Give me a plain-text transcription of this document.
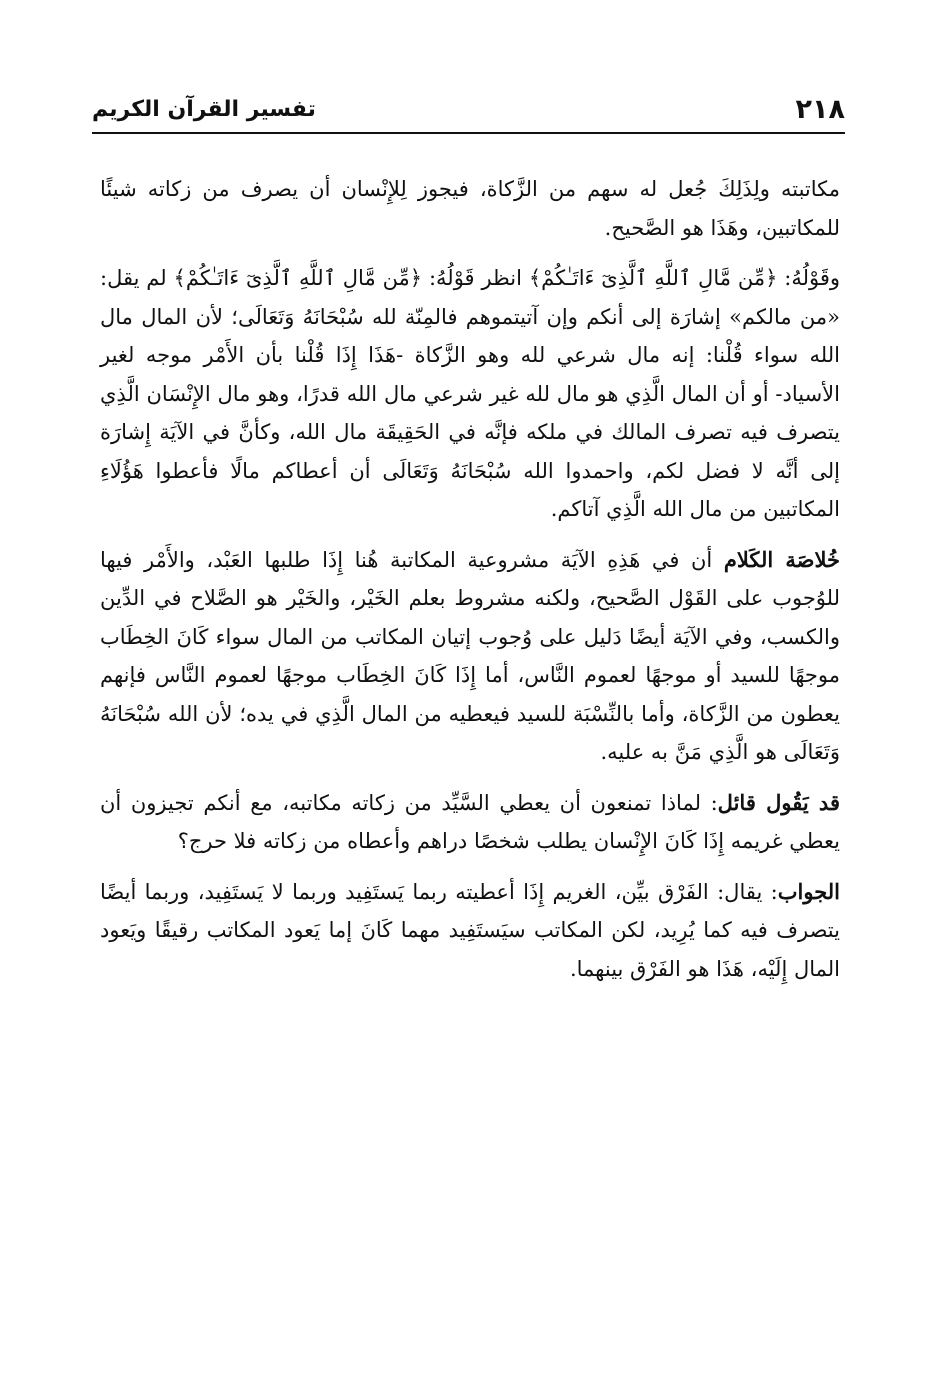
٢١٨
تفسير القرآن الكريم

مكاتبته ولِذَلِكَ جُعل له سهم من الزَّكاة، فيجوز لِلإِنْسان أن يصرف من زكاته شيئًا للمكاتبين، وهَذَا هو الصَّحيح.

وقَوْلُهُ: ﴿مِّن مَّالِ ٱللَّهِ ٱلَّذِىٓ ءَاتَـٰكُمْ﴾ انظر قَوْلُهُ: ﴿مِّن مَّالِ ٱللَّهِ ٱلَّذِىٓ ءَاتَـٰكُمْ﴾ لم يقل: «من مالكم» إشارَة إلى أنكم وإن آتيتموهم فالمِنّة لله سُبْحَانَهُ وَتَعَالَى؛ لأن المال مال الله سواء قُلْنا: إنه مال شرعي لله وهو الزَّكاة -هَذَا إِذَا قُلْنا بأن الأَمْر موجه لغير الأسياد- أو أن المال الَّذِي هو مال لله غير شرعي مال الله قدرًا، وهو مال الإِنْسَان الَّذِي يتصرف فيه تصرف المالك في ملكه فإنَّه في الحَقِيقَة مال الله، وكأنَّ في الآيَة إِشارَة إلى أنَّه لا فضل لكم، واحمدوا الله سُبْحَانَهُ وَتَعَالَى أن أعطاكم مالًا فأعطوا هَؤُلَاءِ المكاتبين من مال الله الَّذِي آتاكم.

خُلاصَة الكَلام أن في هَذِهِ الآيَة مشروعية المكاتبة هُنا إِذَا طلبها العَبْد، والأَمْر فيها للوُجوب على القَوْل الصَّحيح، ولكنه مشروط بعلم الخَيْر، والخَيْر هو الصَّلاح في الدِّين والكسب، وفي الآيَة أيضًا دَليل على وُجوب إتيان المكاتب من المال سواء كَانَ الخِطَاب موجهًا للسيد أو موجهًا لعموم النَّاس، أما إِذَا كَانَ الخِطَاب موجهًا لعموم النَّاس فإنهم يعطون من الزَّكاة، وأما بالنِّسْبَة للسيد فيعطيه من المال الَّذِي في يده؛ لأن الله سُبْحَانَهُ وَتَعَالَى هو الَّذِي مَنَّ به عليه.

قد يَقُول قائل: لماذا تمنعون أن يعطي السَّيِّد من زكاته مكاتبه، مع أنكم تجيزون أن يعطي غريمه إِذَا كَانَ الإِنْسان يطلب شخصًا دراهم وأعطاه من زكاته فلا حرج؟

الجواب: يقال: الفَرْق بيِّن، الغريم إِذَا أعطيته ربما يَستَفِيد وربما لا يَستَفِيد، وربما أيضًا يتصرف فيه كما يُرِيد، لكن المكاتب سيَستَفِيد مهما كَانَ إما يَعود المكاتب رقيقًا ويَعود المال إِلَيْه، هَذَا هو الفَرْق بينهما.
